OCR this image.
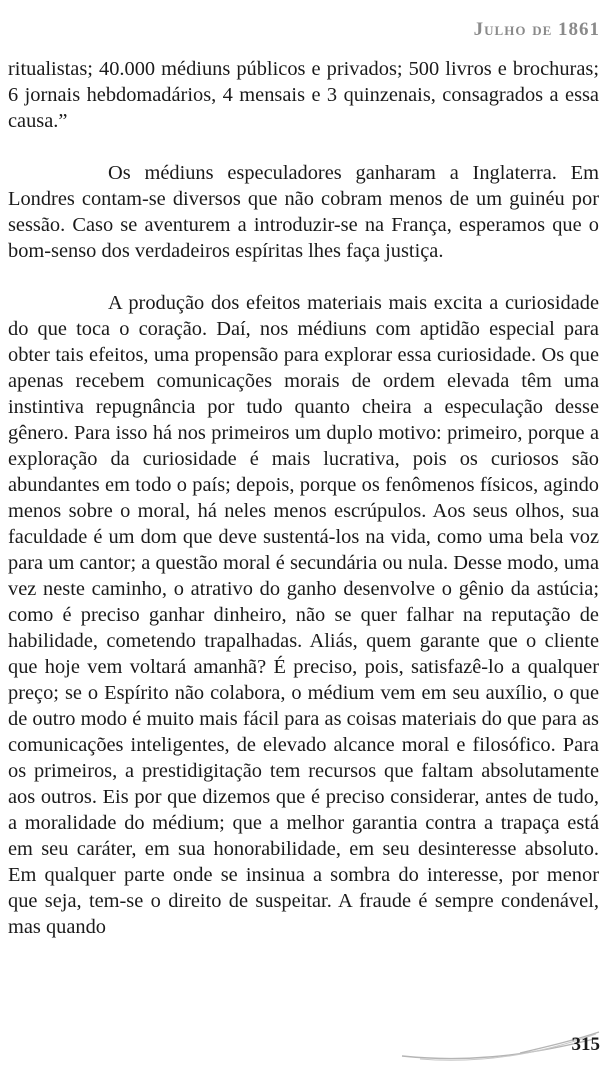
Julho de 1861

ritualistas; 40.000 médiuns públicos e privados; 500 livros e brochuras; 6 jornais hebdomadários, 4 mensais e 3 quinzenais, consagrados a essa causa.”

Os médiuns especuladores ganharam a Inglaterra. Em Londres contam-se diversos que não cobram menos de um guinéu por sessão. Caso se aventurem a introduzir-se na França, esperamos que o bom-senso dos verdadeiros espíritas lhes faça justiça.

A produção dos efeitos materiais mais excita a curiosidade do que toca o coração. Daí, nos médiuns com aptidão especial para obter tais efeitos, uma propensão para explorar essa curiosidade. Os que apenas recebem comunicações morais de ordem elevada têm uma instintiva repugnância por tudo quanto cheira a especulação desse gênero. Para isso há nos primeiros um duplo motivo: primeiro, porque a exploração da curiosidade é mais lucrativa, pois os curiosos são abundantes em todo o país; depois, porque os fenômenos físicos, agindo menos sobre o moral, há neles menos escrúpulos. Aos seus olhos, sua faculdade é um dom que deve sustentá-los na vida, como uma bela voz para um cantor; a questão moral é secundária ou nula. Desse modo, uma vez neste caminho, o atrativo do ganho desenvolve o gênio da astúcia; como é preciso ganhar dinheiro, não se quer falhar na reputação de habilidade, cometendo trapalhadas. Aliás, quem garante que o cliente que hoje vem voltará amanhã? É preciso, pois, satisfazê-lo a qualquer preço; se o Espírito não colabora, o médium vem em seu auxílio, o que de outro modo é muito mais fácil para as coisas materiais do que para as comunicações inteligentes, de elevado alcance moral e filosófico. Para os primeiros, a prestidigitação tem recursos que faltam absolutamente aos outros. Eis por que dizemos que é preciso considerar, antes de tudo, a moralidade do médium; que a melhor garantia contra a trapaça está em seu caráter, em sua honorabilidade, em seu desinteresse absoluto. Em qualquer parte onde se insinua a sombra do interesse, por menor que seja, tem-se o direito de suspeitar. A fraude é sempre condenável, mas quando

315
